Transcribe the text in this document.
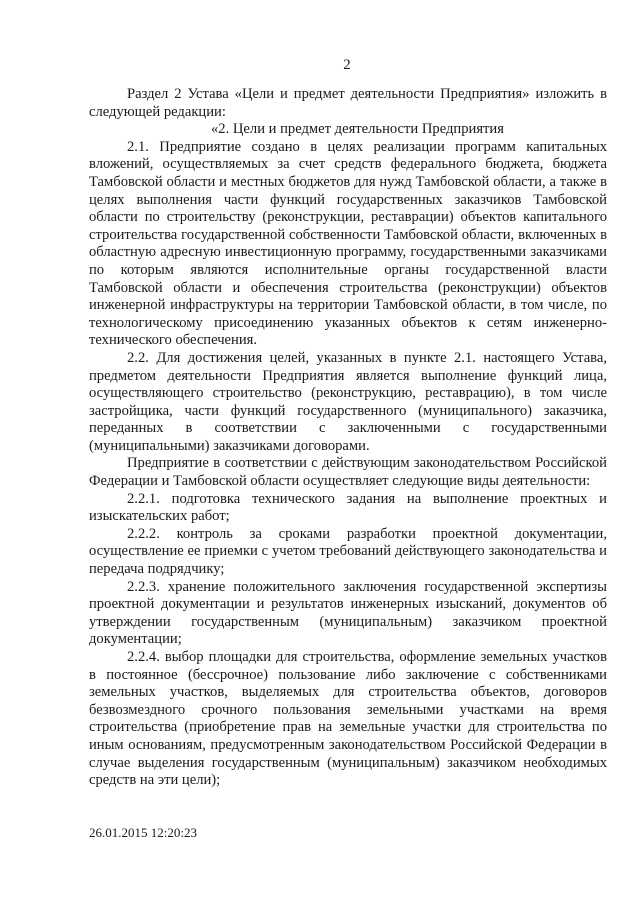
2

Раздел 2 Устава «Цели и предмет деятельности Предприятия» изложить в следующей редакции:

«2. Цели и предмет деятельности Предприятия

2.1. Предприятие создано в целях реализации программ капитальных вложений, осуществляемых за счет средств федерального бюджета, бюджета Тамбовской области и местных бюджетов для нужд Тамбовской области, а также в целях выполнения части функций государственных заказчиков Тамбовской области по строительству (реконструкции, реставрации) объектов капитального строительства государственной собственности Тамбовской области, включенных в областную адресную инвестиционную программу, государственными заказчиками по которым являются исполнительные органы государственной власти Тамбовской области и обеспечения строительства (реконструкции) объектов инженерной инфраструктуры на территории Тамбовской области, в том числе, по технологическому присоединению указанных объектов к сетям инженерно-технического обеспечения.

2.2. Для достижения целей, указанных в пункте 2.1. настоящего Устава, предметом деятельности Предприятия является выполнение функций лица, осуществляющего строительство (реконструкцию, реставрацию), в том числе застройщика, части функций государственного (муниципального) заказчика, переданных в соответствии с заключенными с государственными (муниципальными) заказчиками договорами.

Предприятие в соответствии с действующим законодательством Российской Федерации и Тамбовской области осуществляет следующие виды деятельности:

2.2.1. подготовка технического задания на выполнение проектных и изыскательских работ;

2.2.2. контроль за сроками разработки проектной документации, осуществление ее приемки с учетом требований действующего законодательства и передача подрядчику;

2.2.3. хранение положительного заключения государственной экспертизы проектной документации и результатов инженерных изысканий, документов об утверждении государственным (муниципальным) заказчиком проектной документации;

2.2.4. выбор площадки для строительства, оформление земельных участков в постоянное (бессрочное) пользование либо заключение с собственниками земельных участков, выделяемых для строительства объектов, договоров безвозмездного срочного пользования земельными участками на время строительства (приобретение прав на земельные участки для строительства по иным основаниям, предусмотренным законодательством Российской Федерации в случае выделения государственным (муниципальным) заказчиком необходимых средств на эти цели);

26.01.2015 12:20:23
